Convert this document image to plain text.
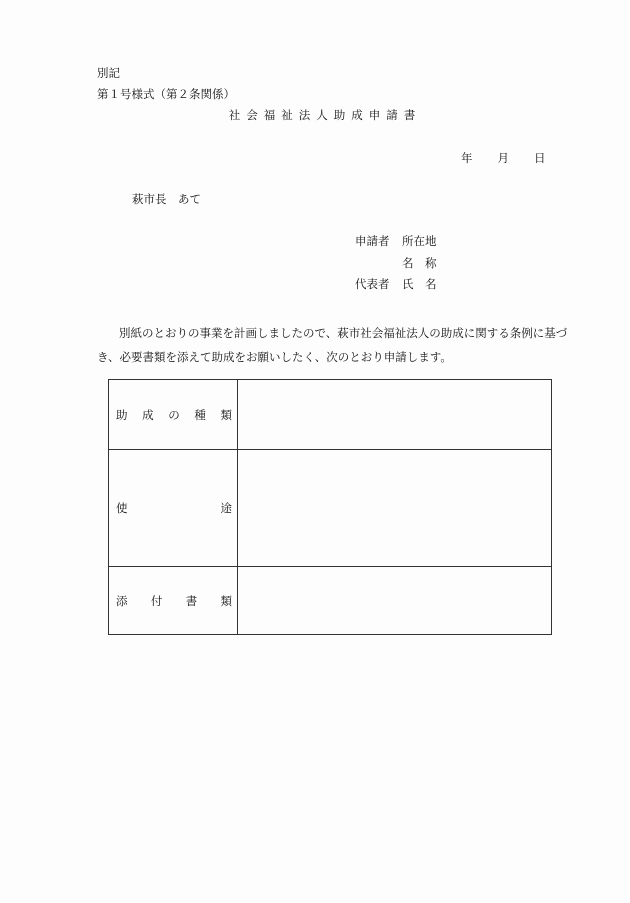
別記
第１号様式（第２条関係）
社会福祉法人助成申請書
年 月 日
萩市長　あて
申請者 所在地
名　称
代表者 氏　名
別紙のとおりの事業を計画しましたので、萩市社会福祉法人の助成に関する条例に基づき、必要書類を添えて助成をお願いしたく、次のとおり申請します。
助 成 の 種 類
使	途
添 付 書 類
